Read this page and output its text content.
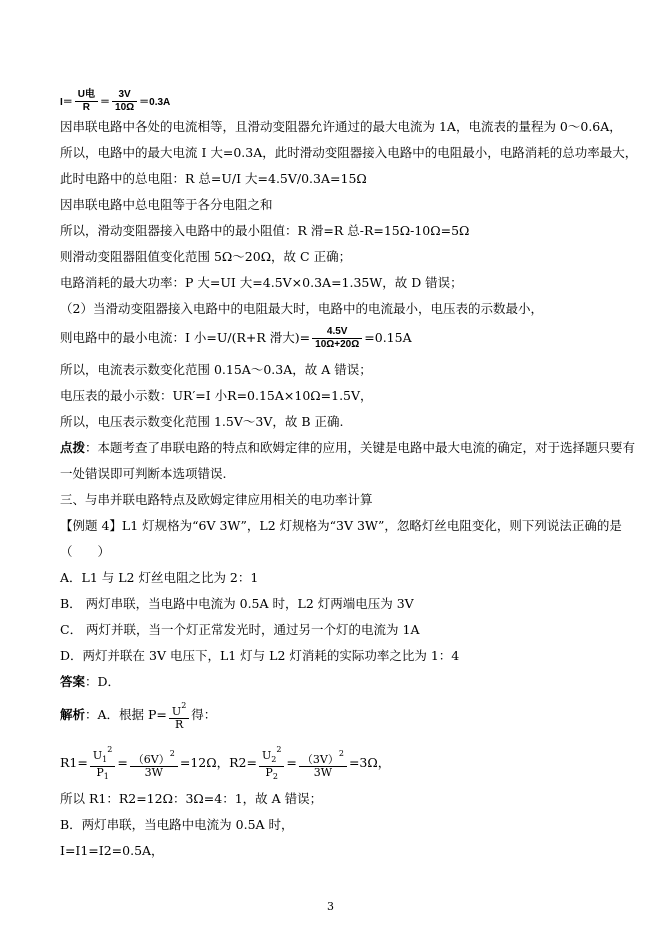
$I= \frac{\text{U电}}{R} = \frac{3V}{10\Omega} =0.3A$
因串联电路中各处的电流相等，且滑动变阻器允许通过的最大电流为 1A，电流表的量程为 0～0.6A，
所以，电路中的最大电流 I 大=0.3A，此时滑动变阻器接入电路中的电阻最小，电路消耗的总功率最大，
此时电路中的总电阻：R 总=U/I 大=4.5V/0.3A=15Ω
因串联电路中总电阻等于各分电阻之和
所以，滑动变阻器接入电路中的最小阻值：R 滑=R 总-R=15Ω-10Ω=5Ω
则滑动变阻器阻值变化范围 5Ω～20Ω，故 C 正确；
电路消耗的最大功率：P 大=UI 大=4.5V×0.3A=1.35W，故 D 错误；
（2）当滑动变阻器接入电路中的电阻最大时，电路中的电流最小，电压表的示数最小，
则电路中的最小电流：I 小=U/(R+R 滑大)= $\frac{4.5V}{10\Omega+20\Omega} =0.15A$
所以，电流表示数变化范围 0.15A～0.3A，故 A 错误；
电压表的最小示数：UR′=I 小R=0.15A×10Ω=1.5V，
所以，电压表示数变化范围 1.5V～3V，故 B 正确.
点拨：本题考查了串联电路的特点和欧姆定律的应用，关键是电路中最大电流的确定，对于选择题只要有
一处错误即可判断本选项错误.
三、与串并联电路特点及欧姆定律应用相关的电功率计算
【例题 4】L1 灯规格为“6V 3W”，L2 灯规格为“3V 3W”，忽略灯丝电阻变化，则下列说法正确的是
（　　）
A．L1 与 L2 灯丝电阻之比为 2：1
B． 两灯串联，当电路中电流为 0.5A 时，L2 灯两端电压为 3V
C． 两灯并联，当一个灯正常发光时，通过另一个灯的电流为 1A
D．两灯并联在 3V 电压下，L1 灯与 L2 灯消耗的实际功率之比为 1：4
答案：D．
解析：A．根据 $P= \frac{U^2}{R}$ 得：
$R1= \frac{U_1^2}{P_1} = \frac{(6V)^2}{3W} =12\Omega$，$R2= \frac{U_2^2}{P_2} = \frac{(3V)^2}{3W} =3\Omega$，
所以 R1：R2=12Ω：3Ω=4：1，故 A 错误；
B．两灯串联，当电路中电流为 0.5A 时，
I=I1=I2=0.5A，
3
